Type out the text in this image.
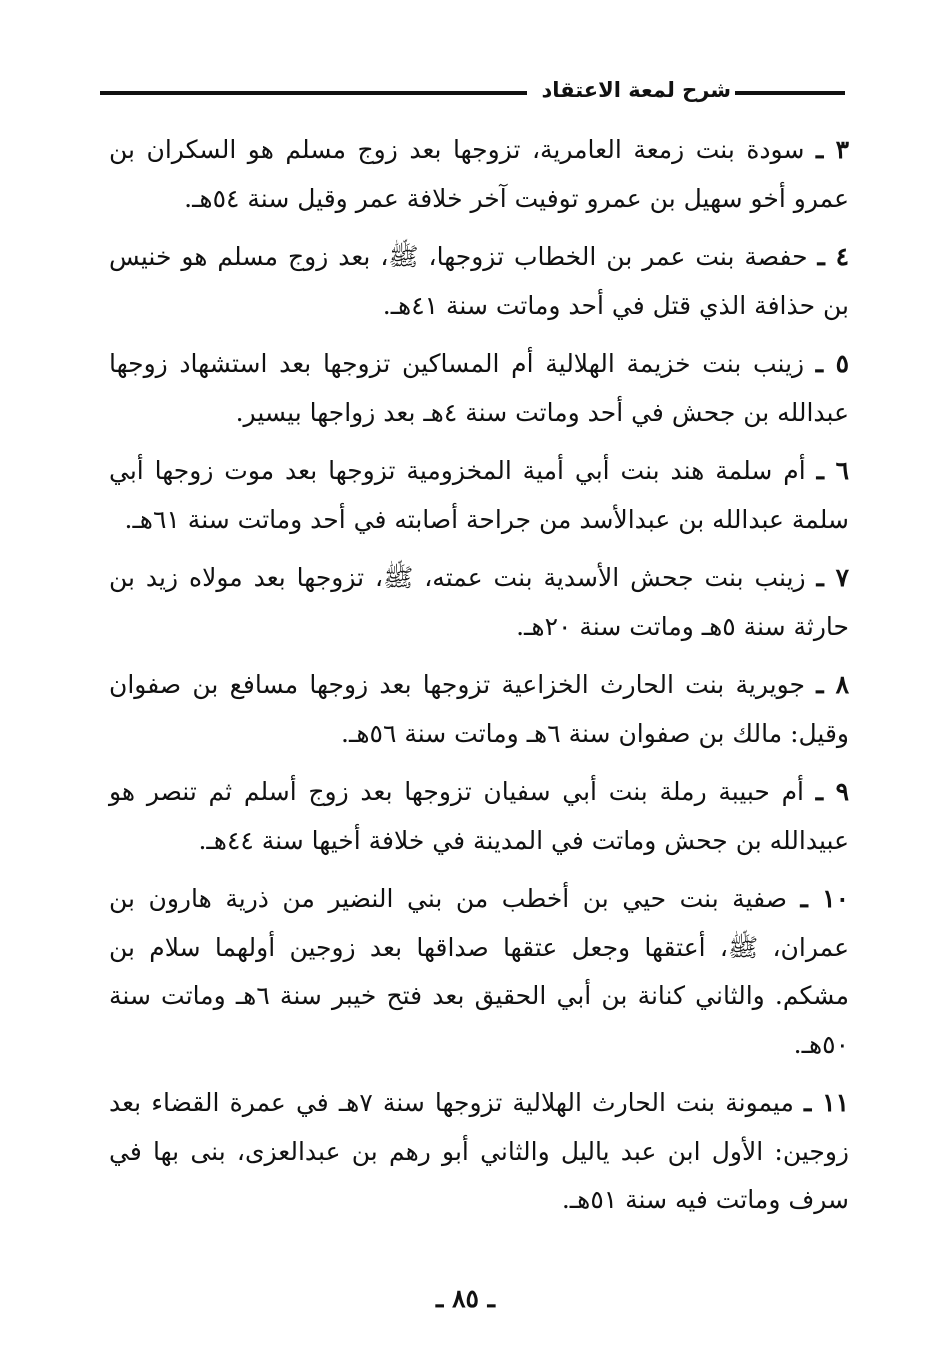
شرح لمعة الاعتقاد

٣ ـ سودة بنت زمعة العامرية، تزوجها بعد زوج مسلم هو السكران بن عمرو أخو سهيل بن عمرو توفيت آخر خلافة عمر وقيل سنة ٥٤هـ.

٤ ـ حفصة بنت عمر بن الخطاب تزوجها، ﷺ، بعد زوج مسلم هو خنيس بن حذافة الذي قتل في أحد وماتت سنة ٤١هـ.

٥ ـ زينب بنت خزيمة الهلالية أم المساكين تزوجها بعد استشهاد زوجها عبدالله بن جحش في أحد وماتت سنة ٤هـ بعد زواجها بيسير.

٦ ـ أم سلمة هند بنت أبي أمية المخزومية تزوجها بعد موت زوجها أبي سلمة عبدالله بن عبدالأسد من جراحة أصابته في أحد وماتت سنة ٦١هـ.

٧ ـ زينب بنت جحش الأسدية بنت عمته، ﷺ، تزوجها بعد مولاه زيد بن حارثة سنة ٥هـ وماتت سنة ٢٠هـ.

٨ ـ جويرية بنت الحارث الخزاعية تزوجها بعد زوجها مسافع بن صفوان وقيل: مالك بن صفوان سنة ٦هـ وماتت سنة ٥٦هـ.

٩ ـ أم حبيبة رملة بنت أبي سفيان تزوجها بعد زوج أسلم ثم تنصر هو عبيدالله بن جحش وماتت في المدينة في خلافة أخيها سنة ٤٤هـ.

١٠ ـ صفية بنت حيي بن أخطب من بني النضير من ذرية هارون بن عمران، ﷺ، أعتقها وجعل عتقها صداقها بعد زوجين أولهما سلام بن مشكم. والثاني كنانة بن أبي الحقيق بعد فتح خيبر سنة ٦هـ وماتت سنة ٥٠هـ.

١١ ـ ميمونة بنت الحارث الهلالية تزوجها سنة ٧هـ في عمرة القضاء بعد زوجين: الأول ابن عبد ياليل والثاني أبو رهم بن عبدالعزى، بنى بها في سرف وماتت فيه سنة ٥١هـ.

ـ ٨٥ ـ
